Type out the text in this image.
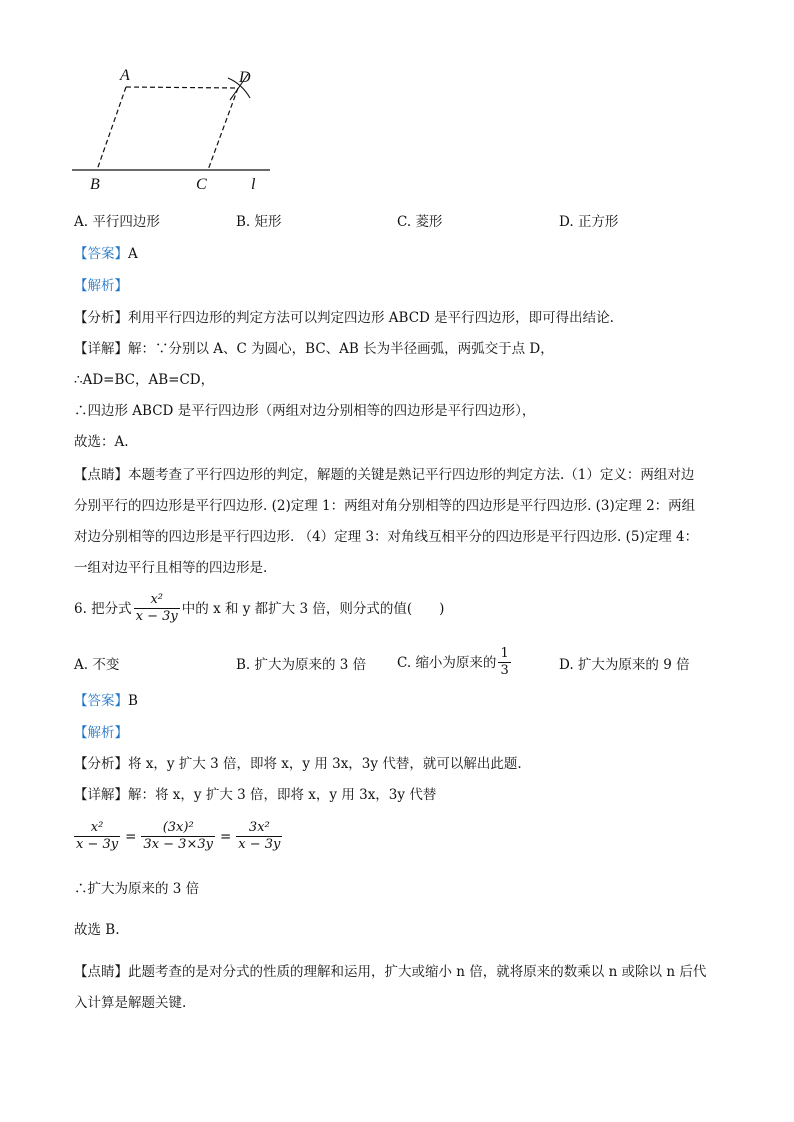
A	D
B	C	l
A. 平行四边形	B. 矩形	C. 菱形	D. 正方形
【答案】A
【解析】
【分析】利用平行四边形的判定方法可以判定四边形 ABCD 是平行四边形，即可得出结论.
【详解】解：∵分别以 A、C 为圆心，BC、AB 长为半径画弧，两弧交于点 D，
∴AD=BC，AB=CD，
∴四边形 ABCD 是平行四边形（两组对边分别相等的四边形是平行四边形），
故选：A.
【点睛】本题考查了平行四边形的判定，解题的关键是熟记平行四边形的判定方法.（1）定义：两组对边
分别平行的四边形是平行四边形. (2)定理 1：两组对角分别相等的四边形是平行四边形. (3)定理 2：两组
对边分别相等的四边形是平行四边形. （4）定理 3：对角线互相平分的四边形是平行四边形. (5)定理 4：
一组对边平行且相等的四边形是.
6. 把分式 $\frac{\text{x²}}{x - 3y}$ 中的 x 和 y 都扩大 3 倍，则分式的值(　　)
A. 不变	B. 扩大为原来的 3 倍 C.
缩小为原来的 $\frac{1}{3}$	D. 扩大为原来的 9 倍
【答案】B
【解析】
【分析】将 x，y 扩大 3 倍，即将 x，y 用 3x，3y 代替，就可以解出此题.
【详解】解：将 x，y 扩大 3 倍，即将 x，y 用 3x，3y 代替
$\frac{\text{x²}}{x - 3y} = \frac{\text{(3x)²}}{3x - 3\times 3y} = \frac{\text{3x²}}{x - 3y}$
∴扩大为原来的 3 倍
故选 B.
【点睛】此题考查的是对分式的性质的理解和运用，扩大或缩小 n 倍，就将原来的数乘以 n 或除以 n 后代
入计算是解题关键.
